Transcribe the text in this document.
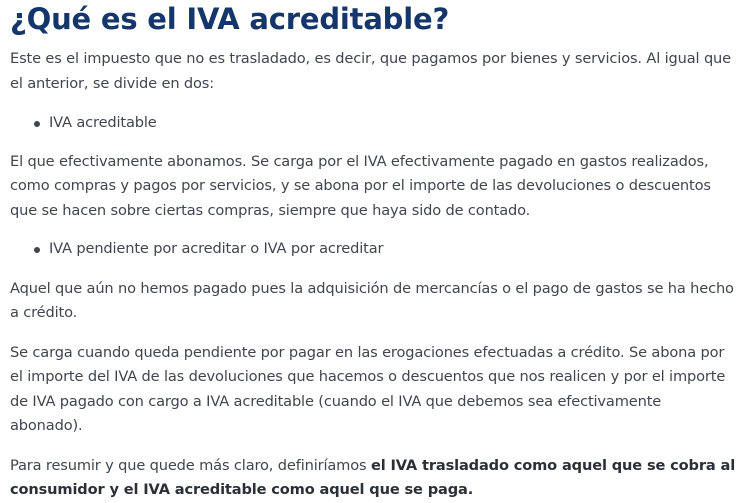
¿Qué es el IVA acreditable?

Este es el impuesto que no es trasladado, es decir, que pagamos por bienes y servicios. Al igual que el anterior, se divide en dos:

IVA acreditable

El que efectivamente abonamos. Se carga por el IVA efectivamente pagado en gastos realizados, como compras y pagos por servicios, y se abona por el importe de las devoluciones o descuentos que se hacen sobre ciertas compras, siempre que haya sido de contado.

IVA pendiente por acreditar o IVA por acreditar

Aquel que aún no hemos pagado pues la adquisición de mercancías o el pago de gastos se ha hecho a crédito.

Se carga cuando queda pendiente por pagar en las erogaciones efectuadas a crédito. Se abona por el importe del IVA de las devoluciones que hacemos o descuentos que nos realicen y por el importe de IVA pagado con cargo a IVA acreditable (cuando el IVA que debemos sea efectivamente abonado).

Para resumir y que quede más claro, definiríamos el IVA trasladado como aquel que se cobra al consumidor y el IVA acreditable como aquel que se paga.
